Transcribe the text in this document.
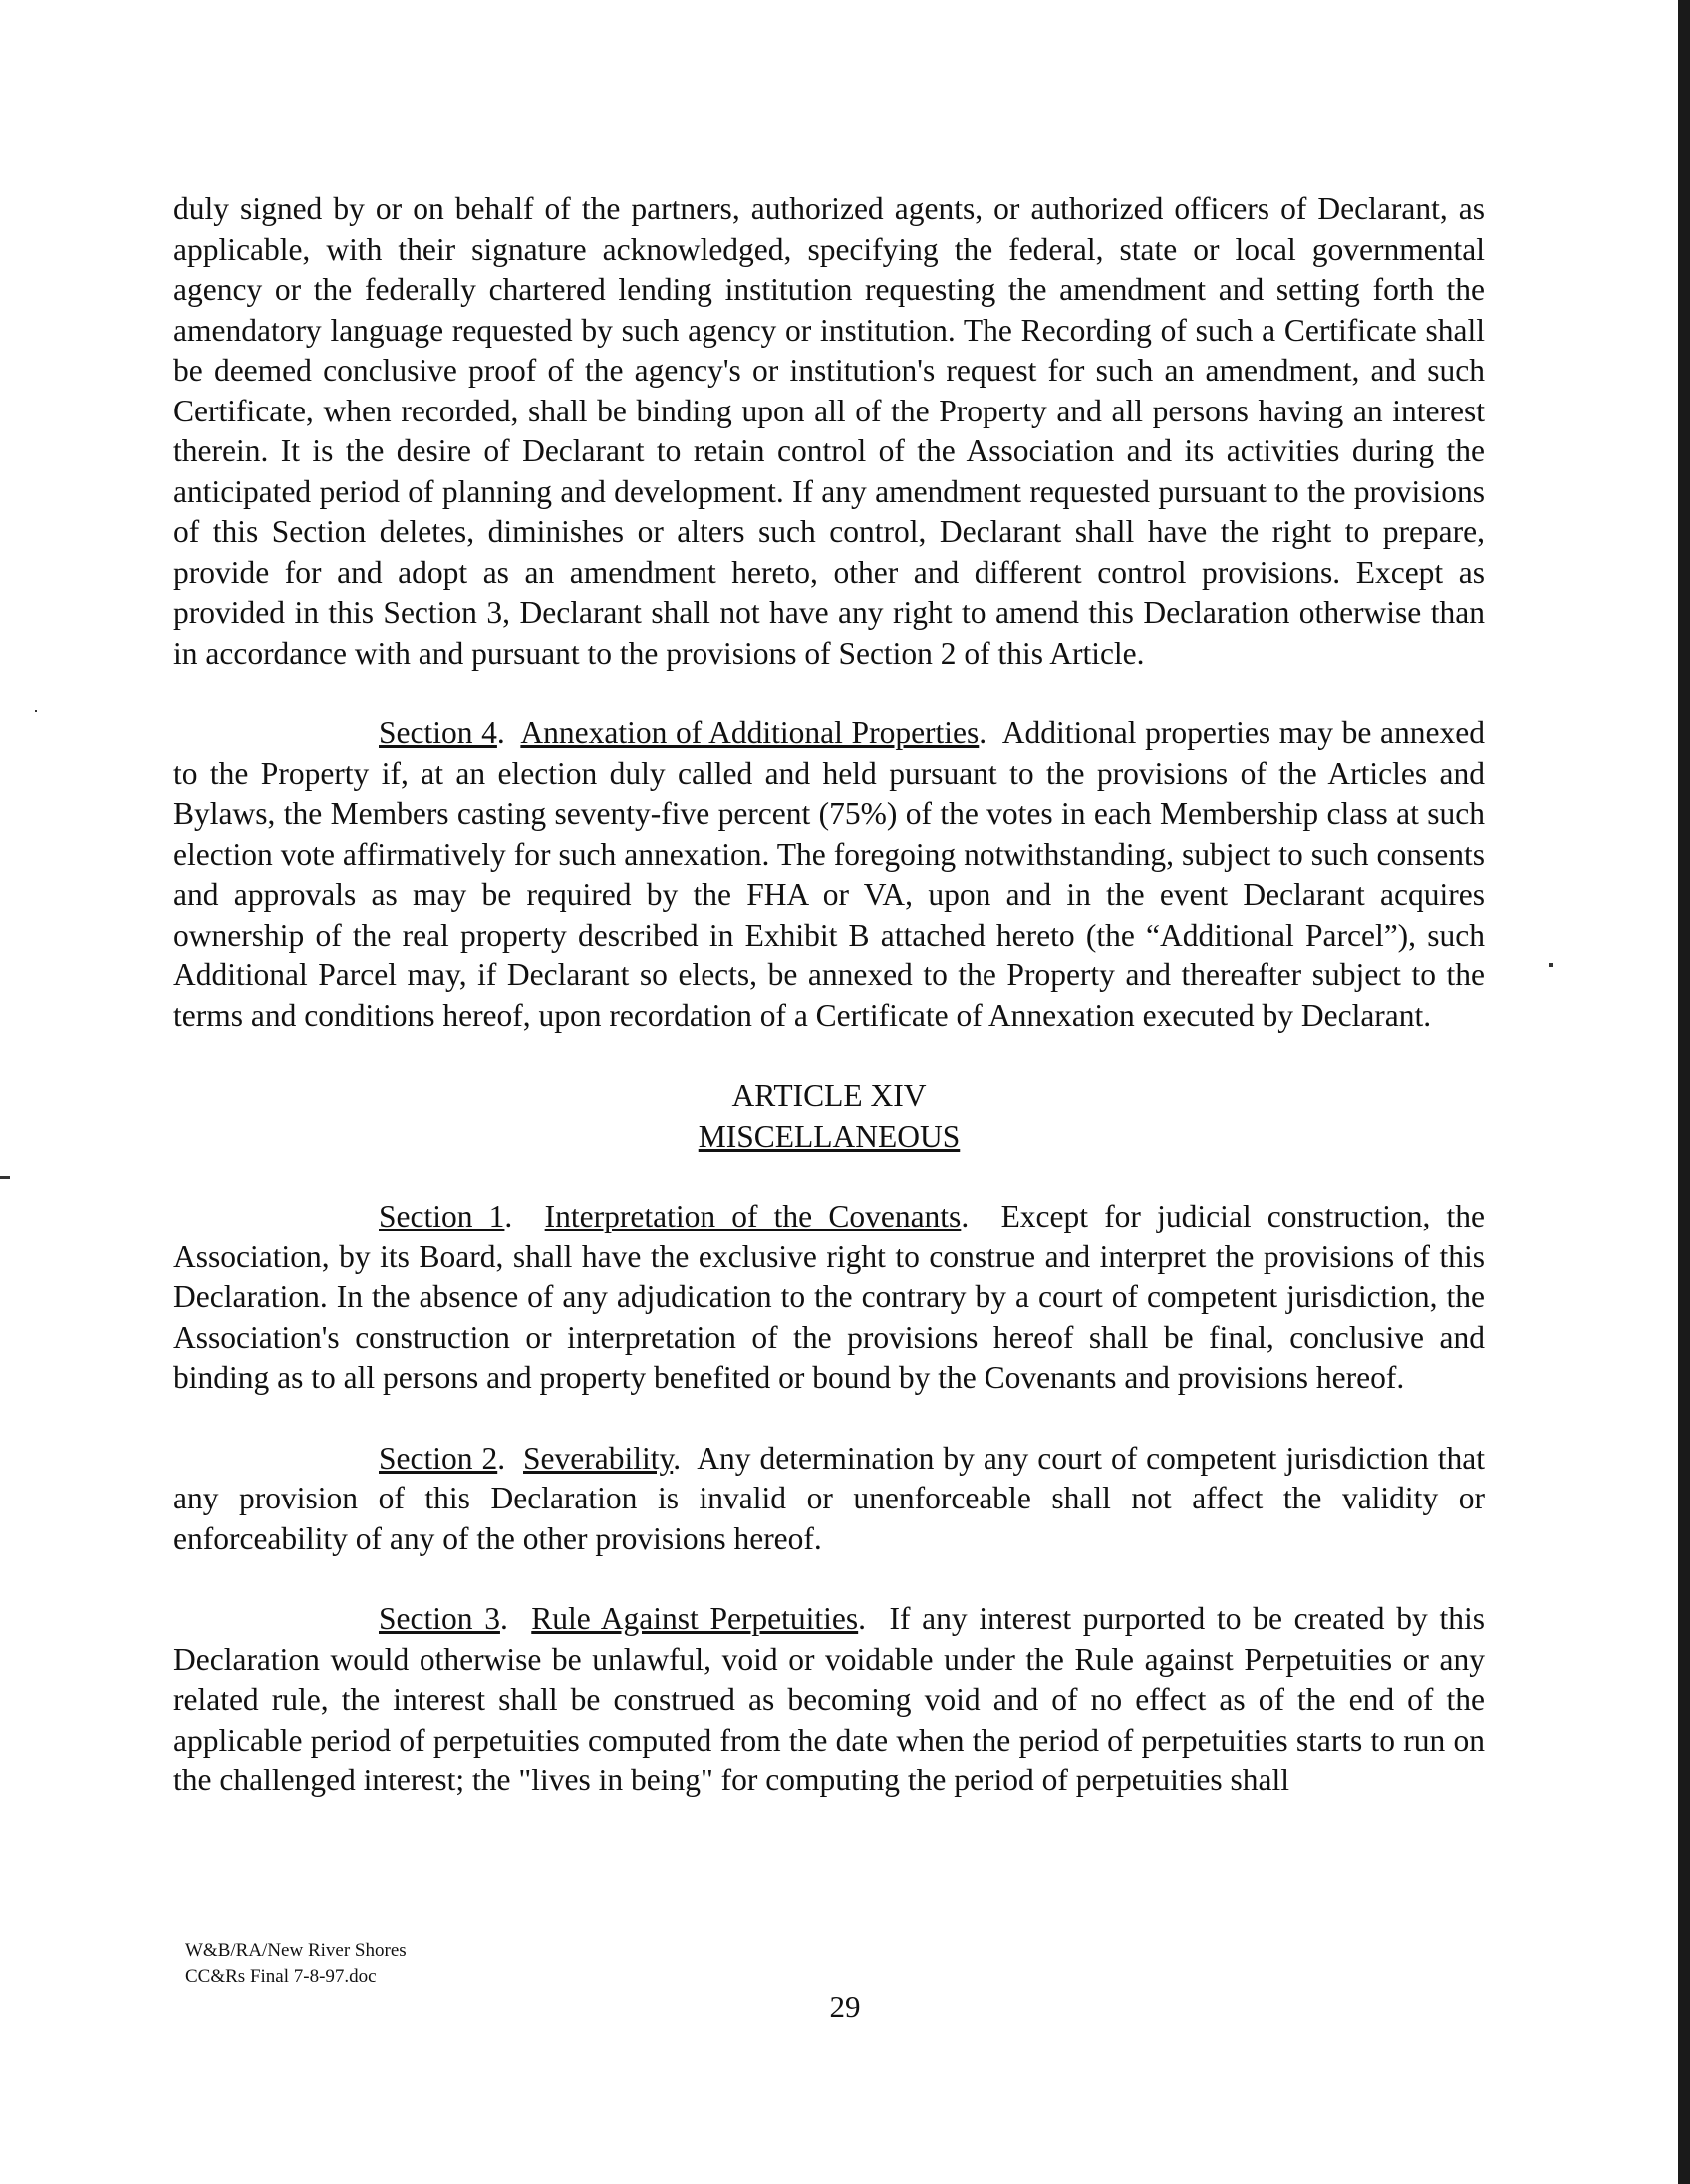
duly signed by or on behalf of the partners, authorized agents, or authorized officers of Declarant, as applicable, with their signature acknowledged, specifying the federal, state or local governmental agency or the federally chartered lending institution requesting the amendment and setting forth the amendatory language requested by such agency or institution. The Recording of such a Certificate shall be deemed conclusive proof of the agency's or institution's request for such an amendment, and such Certificate, when recorded, shall be binding upon all of the Property and all persons having an interest therein. It is the desire of Declarant to retain control of the Association and its activities during the anticipated period of planning and development. If any amendment requested pursuant to the provisions of this Section deletes, diminishes or alters such control, Declarant shall have the right to prepare, provide for and adopt as an amendment hereto, other and different control provisions. Except as provided in this Section 3, Declarant shall not have any right to amend this Declaration otherwise than in accordance with and pursuant to the provisions of Section 2 of this Article.

Section 4.  Annexation of Additional Properties.  Additional properties may be annexed to the Property if, at an election duly called and held pursuant to the provisions of the Articles and Bylaws, the Members casting seventy-five percent (75%) of the votes in each Membership class at such election vote affirmatively for such annexation. The foregoing notwithstanding, subject to such consents and approvals as may be required by the FHA or VA, upon and in the event Declarant acquires ownership of the real property described in Exhibit B attached hereto (the “Additional Parcel”), such Additional Parcel may, if Declarant so elects, be annexed to the Property and thereafter subject to the terms and conditions hereof, upon recordation of a Certificate of Annexation executed by Declarant.

ARTICLE XIV
MISCELLANEOUS

Section 1.  Interpretation of the Covenants.  Except for judicial construction, the Association, by its Board, shall have the exclusive right to construe and interpret the provisions of this Declaration. In the absence of any adjudication to the contrary by a court of competent jurisdiction, the Association's construction or interpretation of the provisions hereof shall be final, conclusive and binding as to all persons and property benefited or bound by the Covenants and provisions hereof.

Section 2.  Severability.  Any determination by any court of competent jurisdiction that any provision of this Declaration is invalid or unenforceable shall not affect the validity or enforceability of any of the other provisions hereof.

Section 3.  Rule Against Perpetuities.  If any interest purported to be created by this Declaration would otherwise be unlawful, void or voidable under the Rule against Perpetuities or any related rule, the interest shall be construed as becoming void and of no effect as of the end of the applicable period of perpetuities computed from the date when the period of perpetuities starts to run on the challenged interest; the "lives in being" for computing the period of perpetuities shall

W&B/RA/New River Shores
CC&Rs Final 7-8-97.doc
29
